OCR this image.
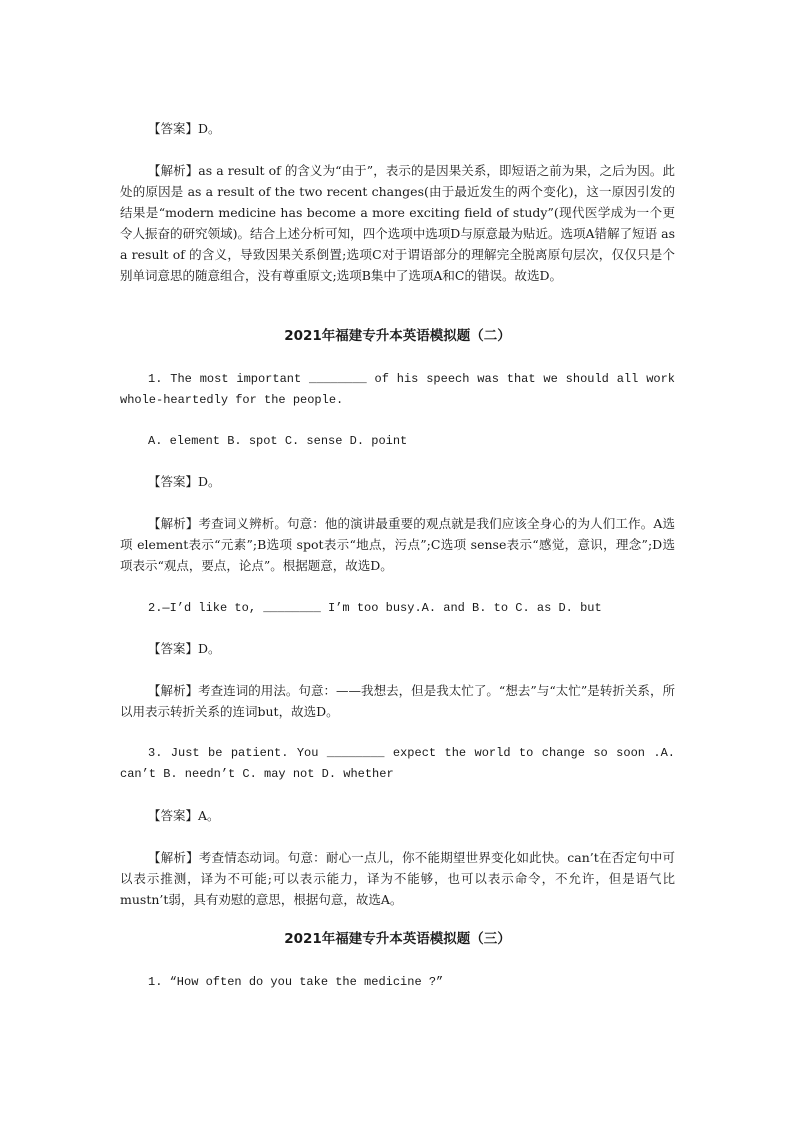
【答案】D。

【解析】as a result of 的含义为“由于”，表示的是因果关系，即短语之前为果，之后为因。此处的原因是 as a result of the two recent changes(由于最近发生的两个变化)，这一原因引发的结果是“modern medicine has become a more exciting field of study”(现代医学成为一个更令人振奋的研究领域)。结合上述分析可知，四个选项中选项D与原意最为贴近。选项A错解了短语 as a result of 的含义，导致因果关系倒置;选项C对于谓语部分的理解完全脱离原句层次，仅仅只是个别单词意思的随意组合，没有尊重原文;选项B集中了选项A和C的错误。故选D。

2021年福建专升本英语模拟题（二）

1. The most important ________ of his speech was that we should all work whole-heartedly for the people.

A. element B. spot C. sense D. point

【答案】D。

【解析】考查词义辨析。句意：他的演讲最重要的观点就是我们应该全身心的为人们工作。A选项 element表示“元素”;B选项 spot表示“地点，污点”;C选项 sense表示“感觉，意识，理念”;D选项表示“观点，要点，论点”。根据题意，故选D。

2.—I’d like to, ________ I’m too busy.A. and B. to C. as D. but

【答案】D。

【解析】考查连词的用法。句意：——我想去，但是我太忙了。“想去”与“太忙”是转折关系，所以用表示转折关系的连词but，故选D。

3. Just be patient. You ________ expect the world to change so soon .A. can’t B. needn’t C. may not D. whether

【答案】A。

【解析】考查情态动词。句意：耐心一点儿，你不能期望世界变化如此快。can’t在否定句中可以表示推测，译为不可能;可以表示能力，译为不能够，也可以表示命令，不允许，但是语气比mustn’t弱，具有劝慰的意思，根据句意，故选A。

2021年福建专升本英语模拟题（三）

1. “How often do you take the medicine ?”
